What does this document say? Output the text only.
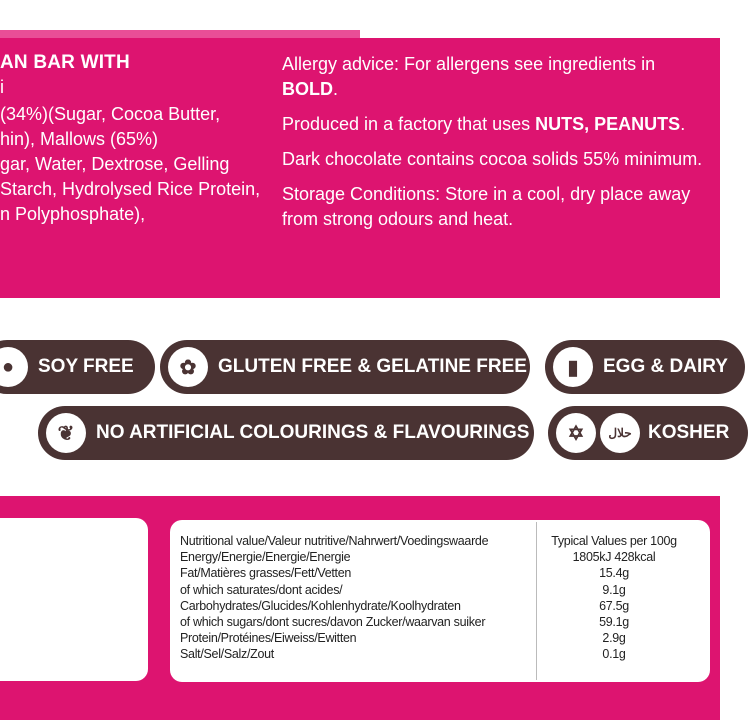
AN BAR WITH
i
(34%)(Sugar, Cocoa Butter,
hin), Mallows (65%)
gar, Water, Dextrose, Gelling
Starch, Hydrolysed Rice Protein,
n Polyphosphate),

Allergy advice: For allergens see ingredients in BOLD.

Produced in a factory that uses NUTS, PEANUTS.

Dark chocolate contains cocoa solids 55% minimum.

Storage Conditions: Store in a cool, dry place away from strong odours and heat.

●	SOY FREE	✿	GLUTEN FREE & GELATINE FREE	▮	EGG & DAIRY
❦	NO ARTIFICIAL COLOURINGS & FLAVOURINGS	✡	حلال KOSHER
Nutritional value/Valeur nutritive/Nahrwert/Voedingswaarde	Typical Values per 100g
Energy/Energie/Energie/Energie	1805kJ 428kcal
Fat/Matières grasses/Fett/Vetten	15.4g
of which saturates/dont acides/	9.1g
Carbohydrates/Glucides/Kohlenhydrate/Koolhydraten	67.5g
of which sugars/dont sucres/davon Zucker/waarvan suiker	59.1g
Protein/Protéines/Eiweiss/Ewitten	2.9g
Salt/Sel/Salz/Zout	0.1g
